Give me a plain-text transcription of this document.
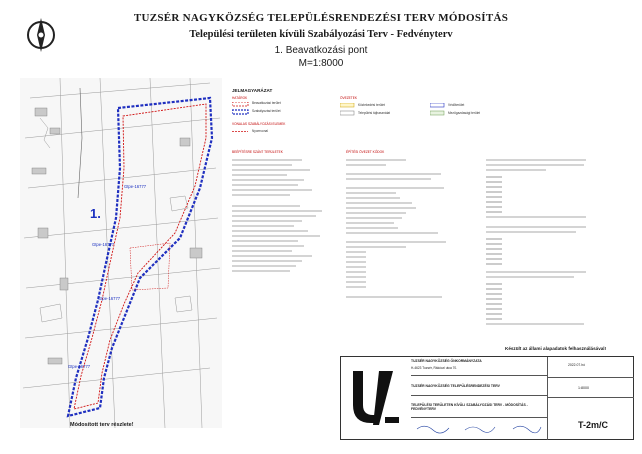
TUZSÉR NAGYKÖZSÉG TELEPÜLÉSRENDEZÉSI TERV MÓDOSÍTÁS
Települési területen kívüli Szabályozási Terv - Fedvényterv
1. Beavatkozási pont
M=1:8000
1.
Gtpe-16777
Gtpe-16777
Gtpe-16777
Gtpe-16777
Módosított terv részlete!
JELMAGYARÁZAT
HATÁROK
Beavatkozási terület
Szabályozási terület
VONALAS SZABÁLYOZÁSI ELEMEK
Nyomvonal
ÖVEZETEK
Közlekedési terület
Települési tájhasználat
Védőterület
Mezőgazdasági terület
BEÉPÍTÉSRE SZÁNT TERÜLETEK	ÉPÍTÉSI ÖVEZET KÓDOK
Készült az állami alapadatok felhasználásával!
TUZSÉR NAGYKÖZSÉG ÖNKORMÁNYZATA
H-4623 Tuzsér, Rákóczi utca 70.
TUZSÉR NAGYKÖZSÉG TELEPÜLÉSRENDEZÉSI TERV
TELEPÜLÉSI TERÜLETEN KÍVÜLI SZABÁLYOZÁSI TERV - MÓDOSÍTÁS - FEDVÉNYTERV
2022.07.hó
1:8000
T-2m/C
